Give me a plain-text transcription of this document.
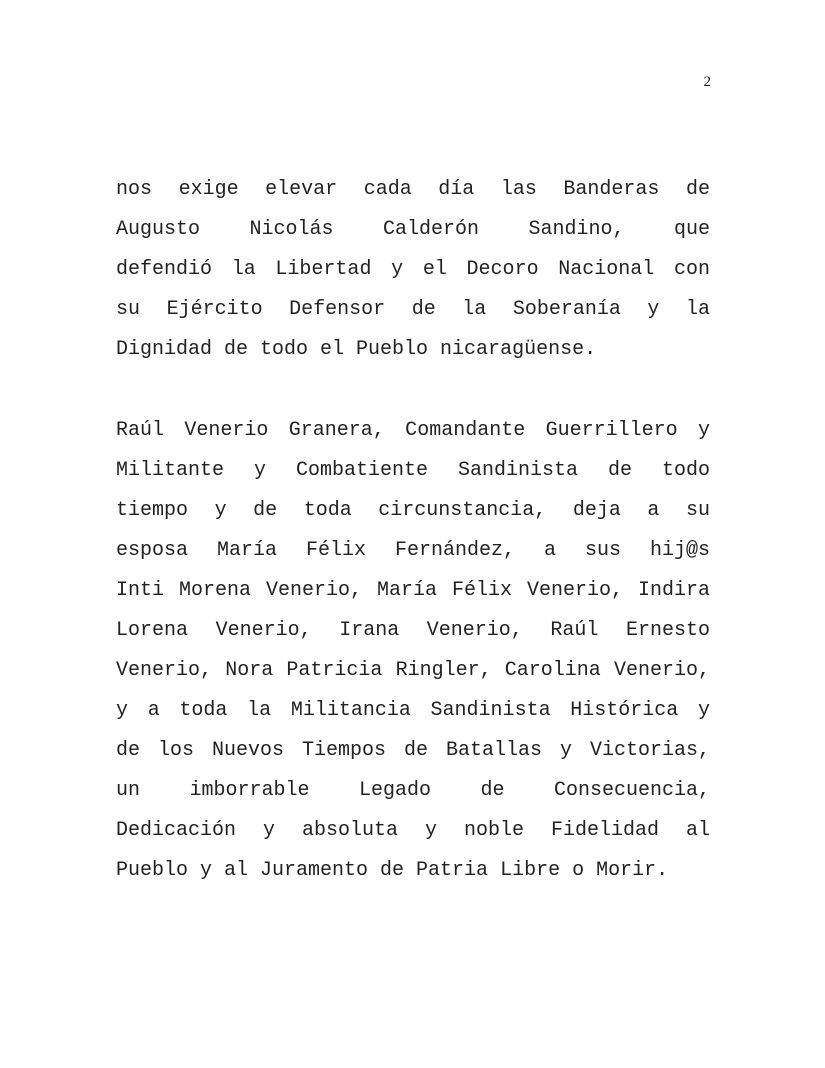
2

nos exige elevar cada día las Banderas de
Augusto Nicolás Calderón Sandino, que
defendió la Libertad y el Decoro Nacional con
su Ejército Defensor de la Soberanía y la
Dignidad de todo el Pueblo nicaragüense.

Raúl Venerio Granera, Comandante Guerrillero y
Militante y Combatiente Sandinista de todo
tiempo y de toda circunstancia, deja a su
esposa María Félix Fernández, a sus hij@s
Inti Morena Venerio, María Félix Venerio, Indira
Lorena Venerio, Irana Venerio, Raúl Ernesto
Venerio, Nora Patricia Ringler, Carolina Venerio,
y a toda la Militancia Sandinista Histórica y
de los Nuevos Tiempos de Batallas y Victorias,
un imborrable Legado de Consecuencia,
Dedicación y absoluta y noble Fidelidad al
Pueblo y al Juramento de Patria Libre o Morir.
